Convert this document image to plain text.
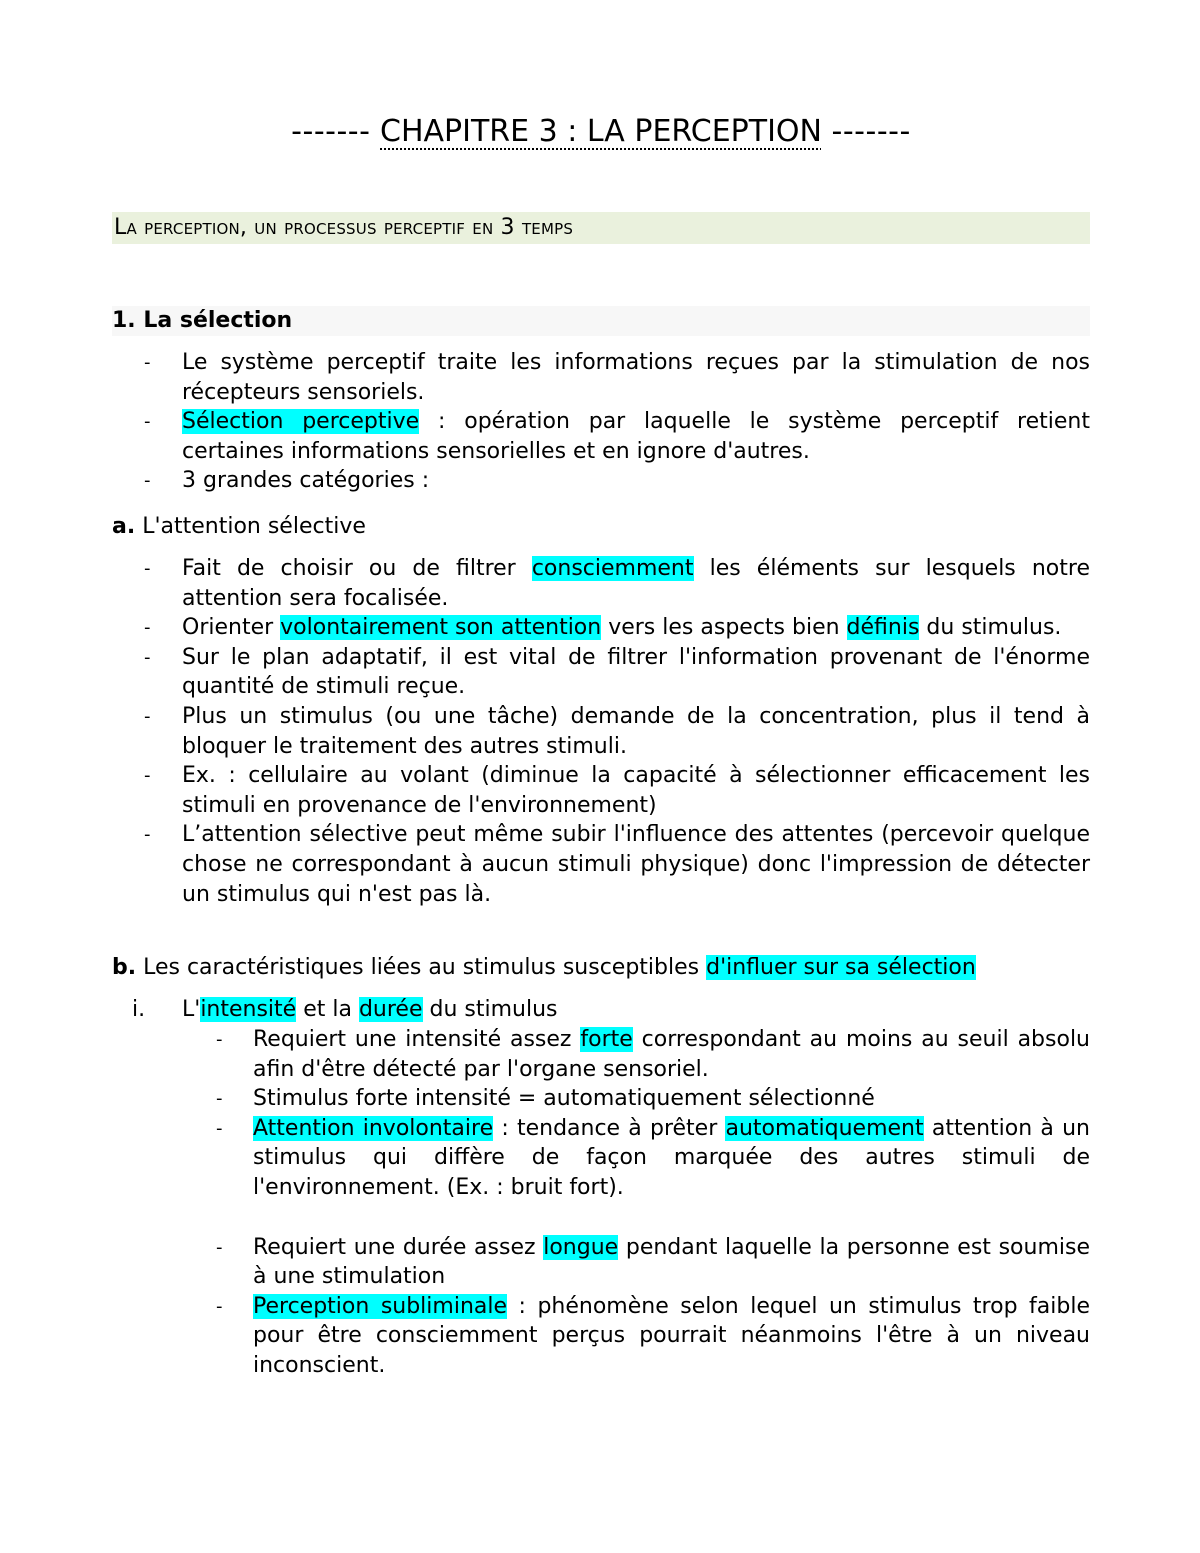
------- CHAPITRE 3 : LA PERCEPTION -------
La perception, un processus perceptif en 3 temps
1. La sélection
- Le système perceptif traite les informations reçues par la stimulation de nos récepteurs sensoriels.
- Sélection perceptive : opération par laquelle le système perceptif retient certaines informations sensorielles et en ignore d'autres.
- 3 grandes catégories :
a. L'attention sélective
- Fait de choisir ou de filtrer consciemment les éléments sur lesquels notre attention sera focalisée.
- Orienter volontairement son attention vers les aspects bien définis du stimulus.
- Sur le plan adaptatif, il est vital de filtrer l'information provenant de l'énorme quantité de stimuli reçue.
- Plus un stimulus (ou une tâche) demande de la concentration, plus il tend à bloquer le traitement des autres stimuli.
- Ex. : cellulaire au volant (diminue la capacité à sélectionner efficacement les stimuli en provenance de l'environnement)
- L’attention sélective peut même subir l'influence des attentes (percevoir quelque chose ne correspondant à aucun stimuli physique) donc l'impression de détecter un stimulus qui n'est pas là.
b. Les caractéristiques liées au stimulus susceptibles d'influer sur sa sélection
i. L'intensité et la durée du stimulus
- Requiert une intensité assez forte correspondant au moins au seuil absolu afin d'être détecté par l'organe sensoriel.
- Stimulus forte intensité = automatiquement sélectionné
- Attention involontaire : tendance à prêter automatiquement attention à un stimulus qui diffère de façon marquée des autres stimuli de l'environnement. (Ex. : bruit fort).
- Requiert une durée assez longue pendant laquelle la personne est soumise à une stimulation
- Perception subliminale : phénomène selon lequel un stimulus trop faible pour être consciemment perçus pourrait néanmoins l'être à un niveau inconscient.
